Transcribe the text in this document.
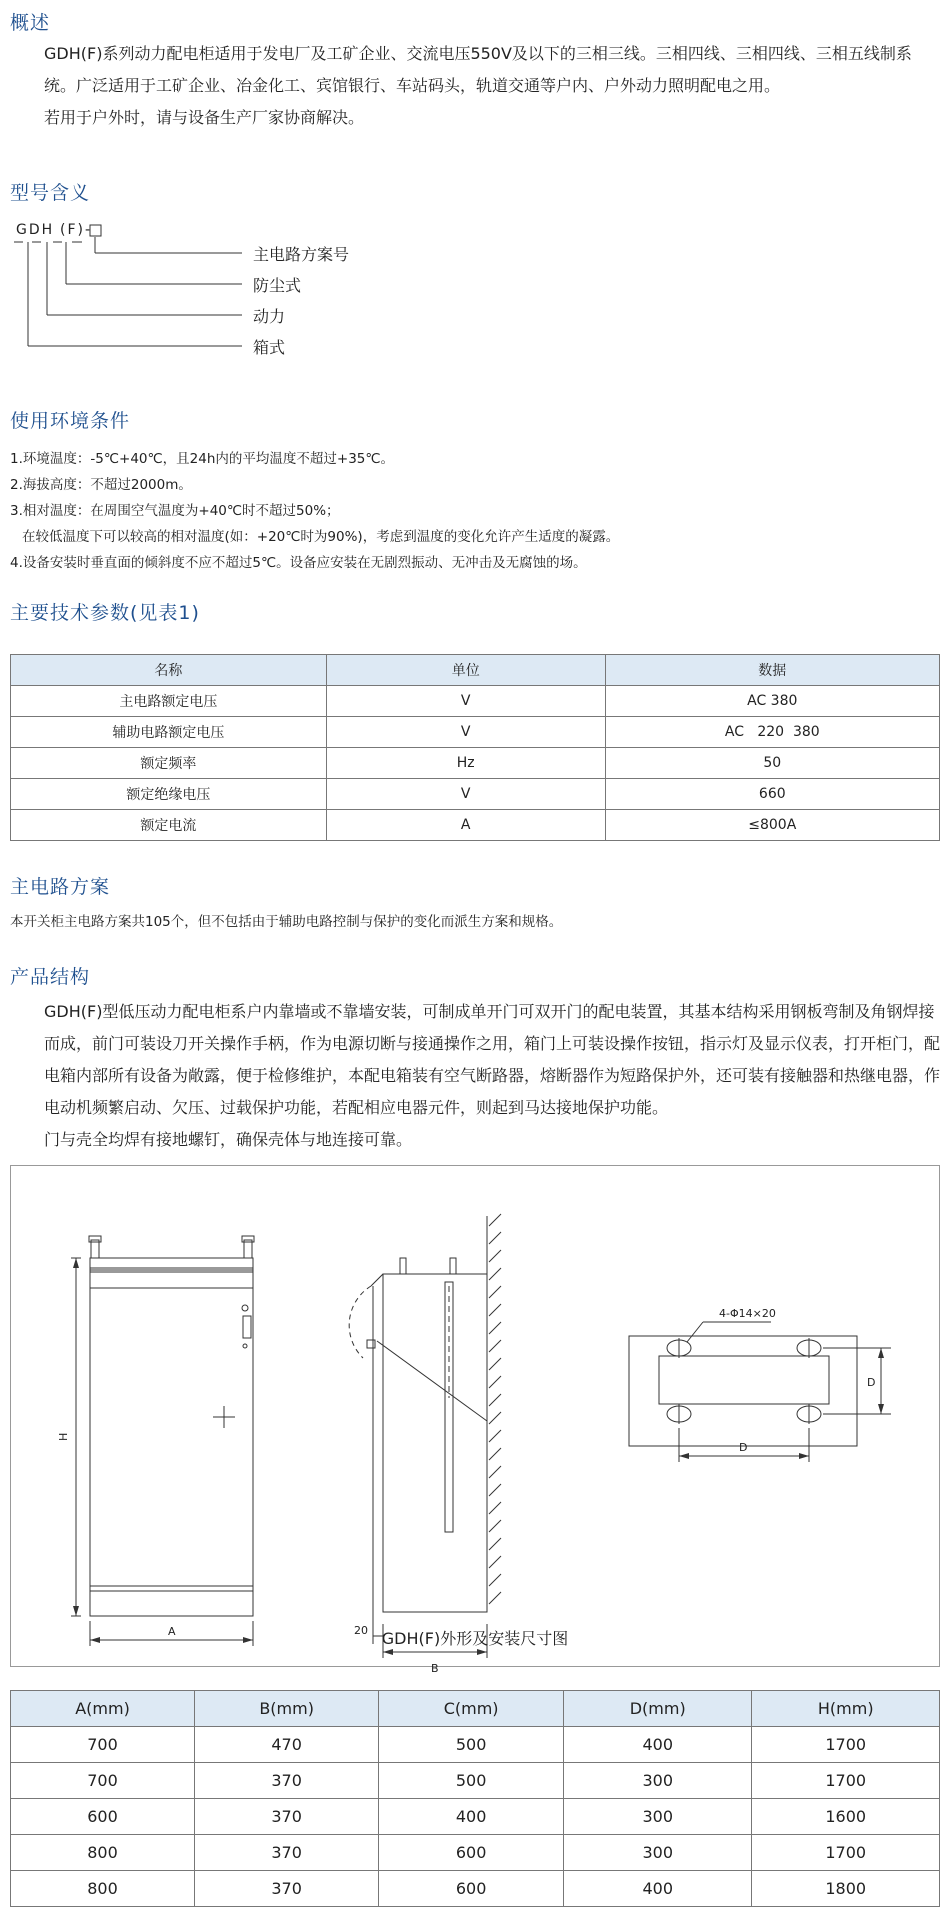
概述
GDH(F)系列动力配电柜适用于发电厂及工矿企业、交流电压550V及以下的三相三线。三相四线、三相四线、三相五线制系统。广泛适用于工矿企业、冶金化工、宾馆银行、车站码头，轨道交通等户内、户外动力照明配电之用。
若用于户外时，请与设备生产厂家协商解决。
型号含义
GDH (F)-
主电路方案号
防尘式
动力
箱式
使用环境条件
1.环境温度：-5℃+40℃，且24h内的平均温度不超过+35℃。
2.海拔高度：不超过2000m。
3.相对温度：在周围空气温度为+40℃时不超过50%；
在较低温度下可以较高的相对温度(如：+20℃时为90%)，考虑到温度的变化允许产生适度的凝露。
4.设备安装时垂直面的倾斜度不应不超过5℃。设备应安装在无剧烈振动、无冲击及无腐蚀的场。
主要技术参数(见表1)
名称	单位	数据
主电路额定电压	V	AC 380
辅助电路额定电压	V	AC   220  380
额定频率	Hz	50
额定绝缘电压	V	660
额定电流	A	≤800A
主电路方案
本开关柜主电路方案共105个，但不包括由于辅助电路控制与保护的变化而派生方案和规格。
产品结构
GDH(F)型低压动力配电柜系户内靠墙或不靠墙安装，可制成单开门可双开门的配电装置，其基本结构采用钢板弯制及角钢焊接而成，前门可装设刀开关操作手柄，作为电源切断与接通操作之用，箱门上可装设操作按钮，指示灯及显示仪表，打开柜门，配电箱内部所有设备为敞露，便于检修维护，本配电箱装有空气断路器，熔断器作为短路保护外，还可装有接触器和热继电器，作电动机频繁启动、欠压、过载保护功能，若配相应电器元件，则起到马达接地保护功能。
门与壳全均焊有接地螺钉，确保壳体与地连接可靠。
H
A	20
B
4-Φ14×20
D
D
GDH(F)外形及安装尺寸图
A(mm)	B(mm)	C(mm)	D(mm)	H(mm)
700	470	500	400	1700
700	370	500	300	1700
600	370	400	300	1600
800	370	600	300	1700
800	370	600	400	1800
